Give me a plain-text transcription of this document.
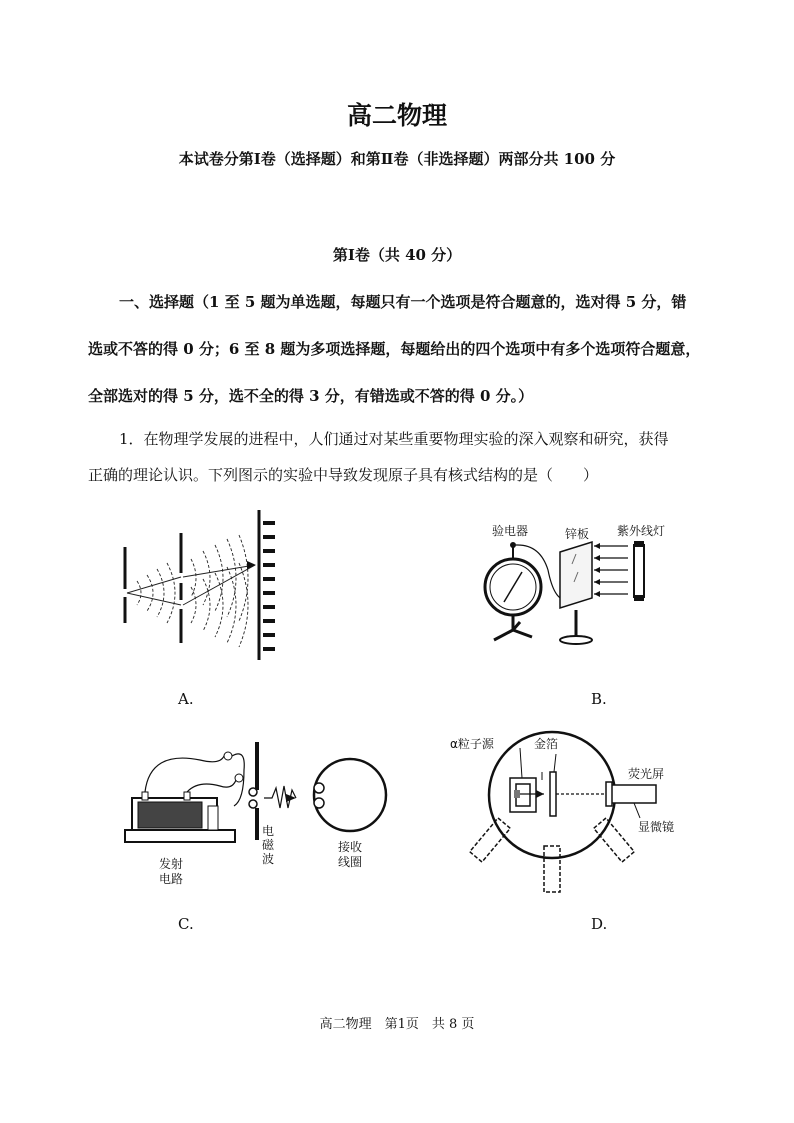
高二物理
本试卷分第Ⅰ卷（选择题）和第Ⅱ卷（非选择题）两部分共 100 分
第Ⅰ卷（共 40 分）
一、选择题（1 至 5 题为单选题，每题只有一个选项是符合题意的，选对得 5 分，错
选或不答的得 0 分；6 至 8 题为多项选择题，每题给出的四个选项中有多个选项符合题意，
全部选对的得 5 分，选不全的得 3 分，有错选或不答的得 0 分。）
1．在物理学发展的进程中，人们通过对某些重要物理实验的深入观察和研究，获得
正确的理论认识。下列图示的实验中导致发现原子具有核式结构的是（　　）
A.
验电器	锌板 紫外线灯
B.
发射
电路
电
磁
波
接收
线圈
C.
α粒子源	金箔
荧光屏
显微镜
D.
高二物理　第1页　共 8 页
